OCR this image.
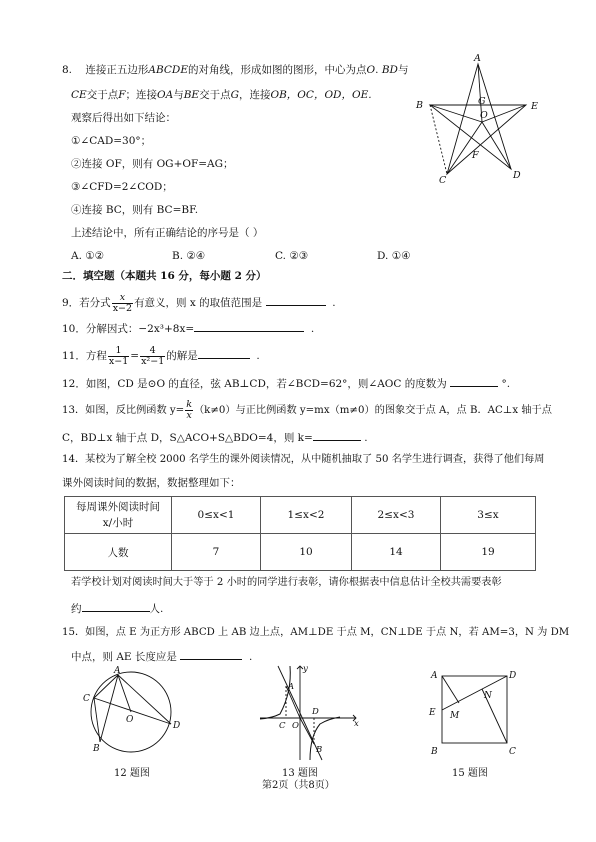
8. 连接正五边形ABCDE的对角线，形成如图的图形，中心为点O. BD与
CE交于点F；连接OA与BE交于点G，连接OB，OC，OD，OE.
观察后得出如下结论：
①∠CAD=30°；
②连接 OF，则有 OG+OF=AG；
③∠CFD=2∠COD；
④连接 BC，则有 BC=BF.
上述结论中，所有正确结论的序号是（ ）
A. ①②	B. ②④	C. ②③	D. ①④
A
B	E
G
O
F
C	D
二．填空题（本题共 16 分，每小题 2 分）
9．若分式 $\frac{x}{x-2}$ 有意义，则 x 的取值范围是	.
10．分解因式：−2x³+8x=	.
11．方程 $\frac{1}{x-1} = \frac{4}{\text{x²−1}}$ 的解是	.
12．如图，CD 是⊙O 的直径，弦 AB⊥CD，若∠BCD=62°，则∠AOC 的度数为	°.
13．如图，反比例函数 $y= \frac{k}{x} (k\ne 0)$与正比例函数 y=mx（m≠0）的图象交于点 A，点 B．AC⊥x 轴于点
C，BD⊥x 轴于点 D，S△ACO+S△BDO=4，则 k=	.
14．某校为了解全校 2000 名学生的课外阅读情况，从中随机抽取了 50 名学生进行调查，获得了他们每周
课外阅读时间的数据，数据整理如下：
每周课外阅读时间
x/小时	0≤x<1	1≤x<2	2≤x<3	3≤x
人数	7	10	14	19
若学校计划对阅读时间大于等于 2 小时的同学进行表彰，请你根据表中信息估计全校共需要表彰
约	人.
15．如图，点 E 为正方形 ABCD 上 AB 边上点，AM⊥DE 于点 M，CN⊥DE 于点 N，若 AM=3，N 为 DM
中点，则 AE 长度应是	.
A
C
O
D
B
12 题图
y
A
C O
D
x
B
13 题图
A	D
E
N
M
B	C
15 题图
第2页（共8页）
